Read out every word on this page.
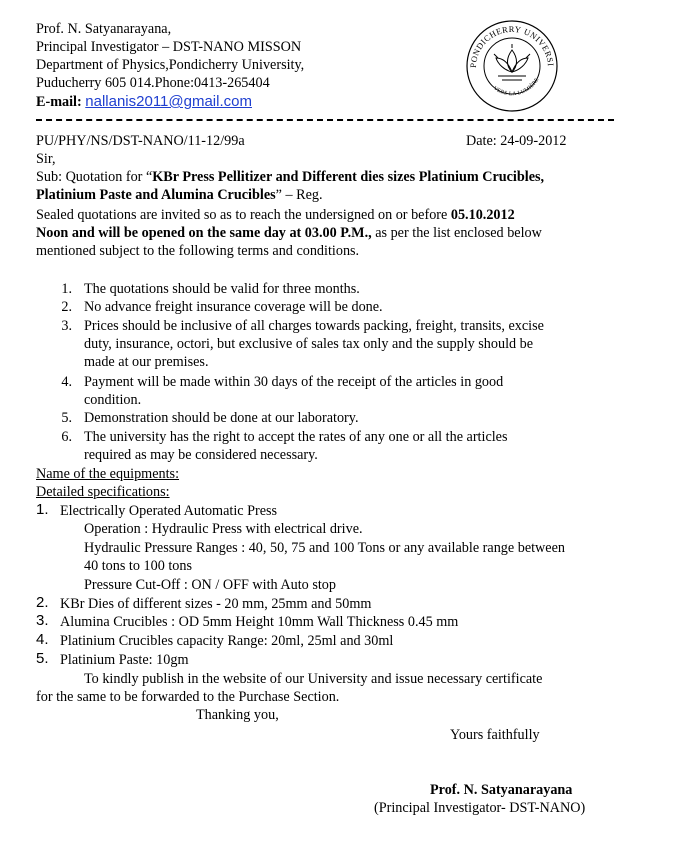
Prof. N. Satyanarayana,
Principal Investigator – DST-NANO MISSON
Department of Physics,Pondicherry University,
Puducherry 605 014.Phone:0413-265404
E-mail: nallanis2011@gmail.com
PONDICHERRY UNIVERSI
VERS LA LUMIÈRE
PU/PHY/NS/DST-NANO/11-12/99a	Date: 24-09-2012
Sir,
Sub: Quotation for “KBr Press Pellitizer and Different dies sizes Platinium Crucibles,
Platinium Paste and Alumina Crucibles” – Reg.
Sealed quotations are invited so as to reach the undersigned on or before 05.10.2012
Noon and will be opened on the same day at 03.00 P.M., as per the list enclosed below
mentioned subject to the following terms and conditions.
1. The quotations should be valid for three months.
2. No advance freight insurance coverage will be done.
3. Prices should be inclusive of all charges towards packing, freight, transits, excise
duty, insurance, octori, but exclusive of sales tax only and the supply should be
made at our premises.
4. Payment will be made within 30 days of the receipt of the articles in good
condition.
5. Demonstration should be done at our laboratory.
6. The university has the right to accept the rates of any one or all the articles
required as may be considered necessary.
Name of the equipments:
Detailed specifications:
1. Electrically Operated Automatic Press
Operation : Hydraulic Press with electrical drive.
Hydraulic Pressure Ranges : 40, 50, 75 and 100 Tons or any available range between
40 tons to 100 tons
Pressure Cut-Off : ON / OFF with Auto stop
2. KBr Dies of different sizes - 20 mm, 25mm and 50mm
3. Alumina Crucibles : OD 5mm Height 10mm Wall Thickness 0.45 mm
4. Platinium Crucibles capacity Range: 20ml, 25ml and 30ml
5. Platinium Paste: 10gm
To kindly publish in the website of our University and issue necessary certificate
for the same to be forwarded to the Purchase Section.
Thanking you,
Yours faithfully
Prof. N. Satyanarayana
(Principal Investigator- DST-NANO)
